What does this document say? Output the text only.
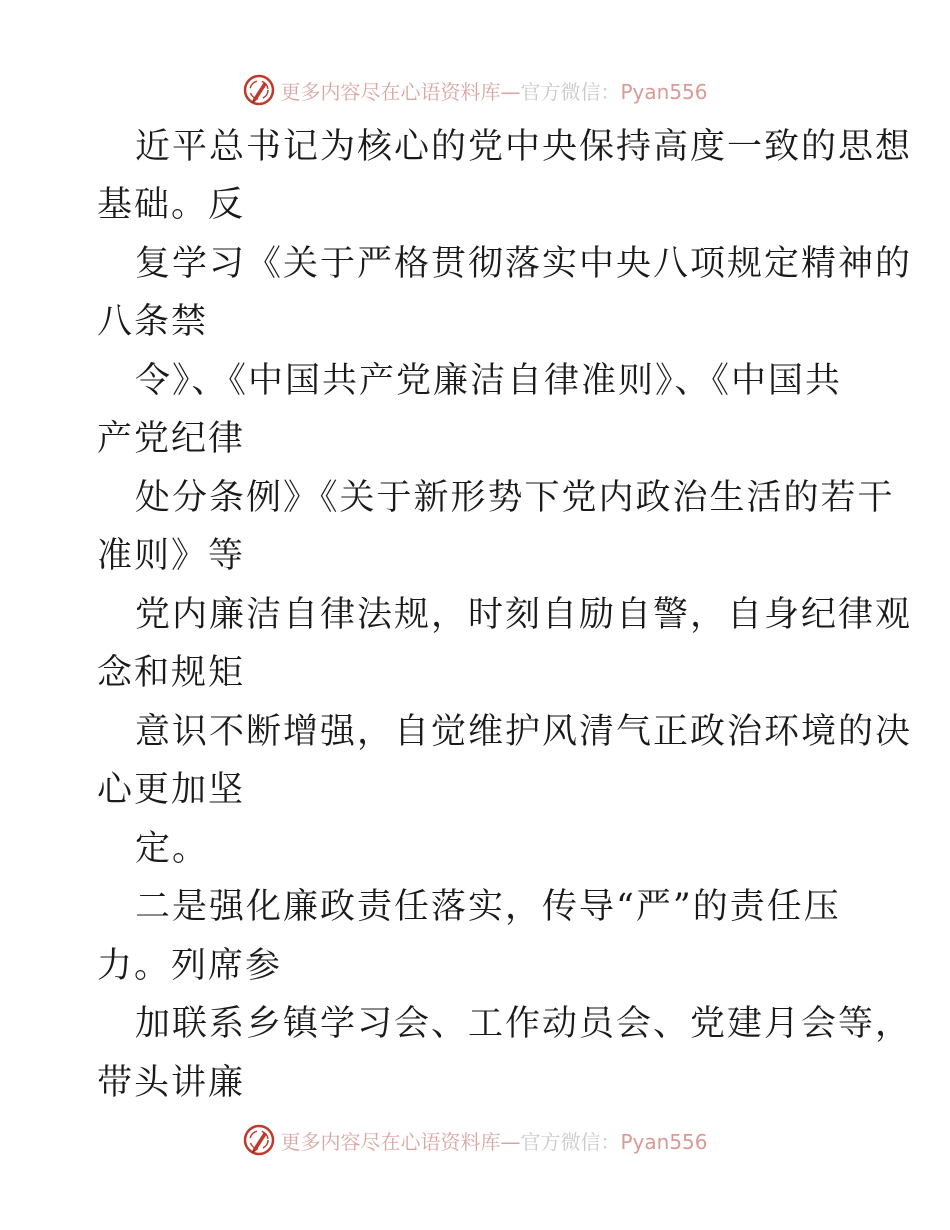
更多内容尽在心语资料库—官方微信：Pyan556
近平总书记为核心的党中央保持高度一致的思想
基础。反
复学习《关于严格贯彻落实中央八项规定精神的
八条禁
令》、《中国共产党廉洁自律准则》、《中国共
产党纪律
处分条例》《关于新形势下党内政治生活的若干
准则》等
党内廉洁自律法规，时刻自励自警，自身纪律观
念和规矩
意识不断增强，自觉维护风清气正政治环境的决
心更加坚
定。
二是强化廉政责任落实，传导“严”的责任压
力。列席参
加联系乡镇学习会、工作动员会、党建月会等，
带头讲廉
更多内容尽在心语资料库—官方微信：Pyan556
